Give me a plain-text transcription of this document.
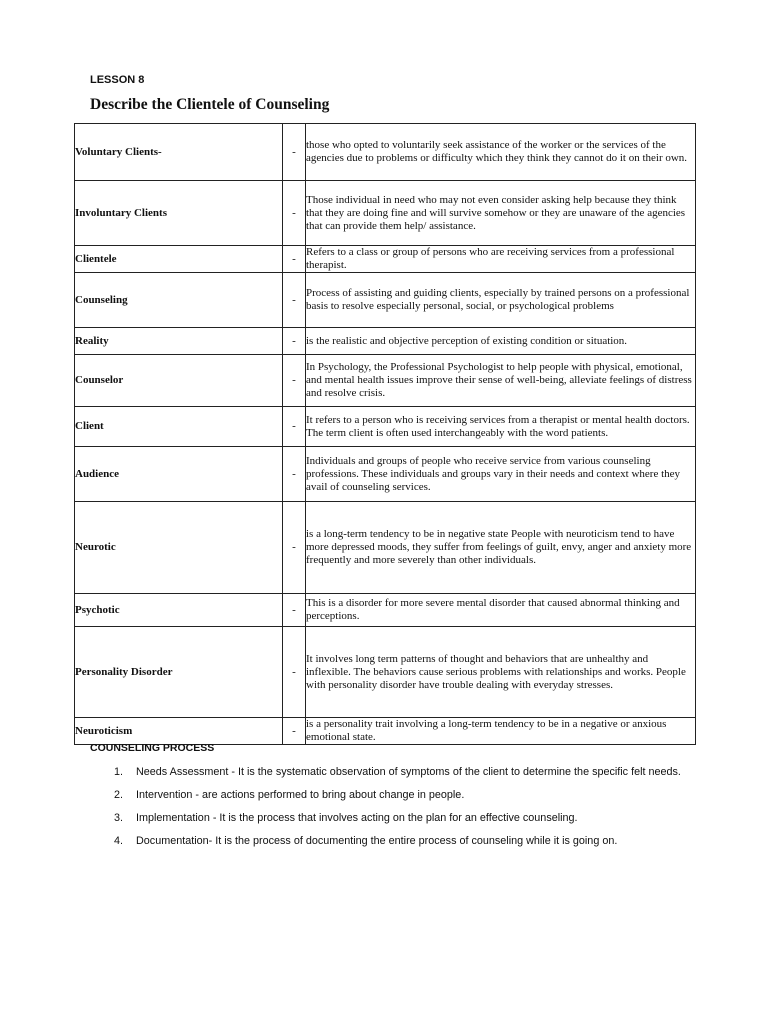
LESSON 8
Describe the Clientele of Counseling
Voluntary Clients-	-	those who opted to voluntarily seek assistance of the worker or the services of the agencies due to problems or difficulty which they think they cannot do it on their own.
Involuntary Clients	-	Those individual in need who may not even consider asking help because they think that they are doing fine and will survive somehow or they are unaware of the agencies that can provide them help/ assistance.
Clientele	-	Refers to a class or group of persons who are receiving services from a professional therapist.
Counseling	-	Process of assisting and guiding clients, especially by trained persons on a professional basis to resolve especially personal, social, or psychological problems
Reality	-	is the realistic and objective perception of existing condition or situation.
Counselor	-	In Psychology, the Professional Psychologist to help people with physical, emotional, and mental health issues improve their sense of well-being, alleviate feelings of distress and resolve crisis.
Client	-	It refers to a person who is receiving services from a therapist or mental health doctors. The term client is often used interchangeably with the word patients.
Audience	-	Individuals and groups of people who receive service from various counseling professions. These individuals and groups vary in their needs and context where they avail of counseling services.
Neurotic	-	is a long-term tendency to be in negative state People with neuroticism tend to have more depressed moods, they suffer from feelings of guilt, envy, anger and anxiety more frequently and more severely than other individuals.
Psychotic	-	This is a disorder for more severe mental disorder that caused abnormal thinking and perceptions.
Personality Disorder	-	It involves long term patterns of thought and behaviors that are unhealthy and inflexible. The behaviors cause serious problems with relationships and works. People with personality disorder have trouble dealing with everyday stresses.
Neuroticism	-	is a personality trait involving a long-term tendency to be in a negative or anxious emotional state.
COUNSELING PROCESS
1. Needs Assessment - It is the systematic observation of symptoms of the client to determine the specific felt needs.
2. Intervention - are actions performed to bring about change in people.
3. Implementation - It is the process that involves acting on the plan for an effective counseling.
4. Documentation- It is the process of documenting the entire process of counseling while it is going on.
